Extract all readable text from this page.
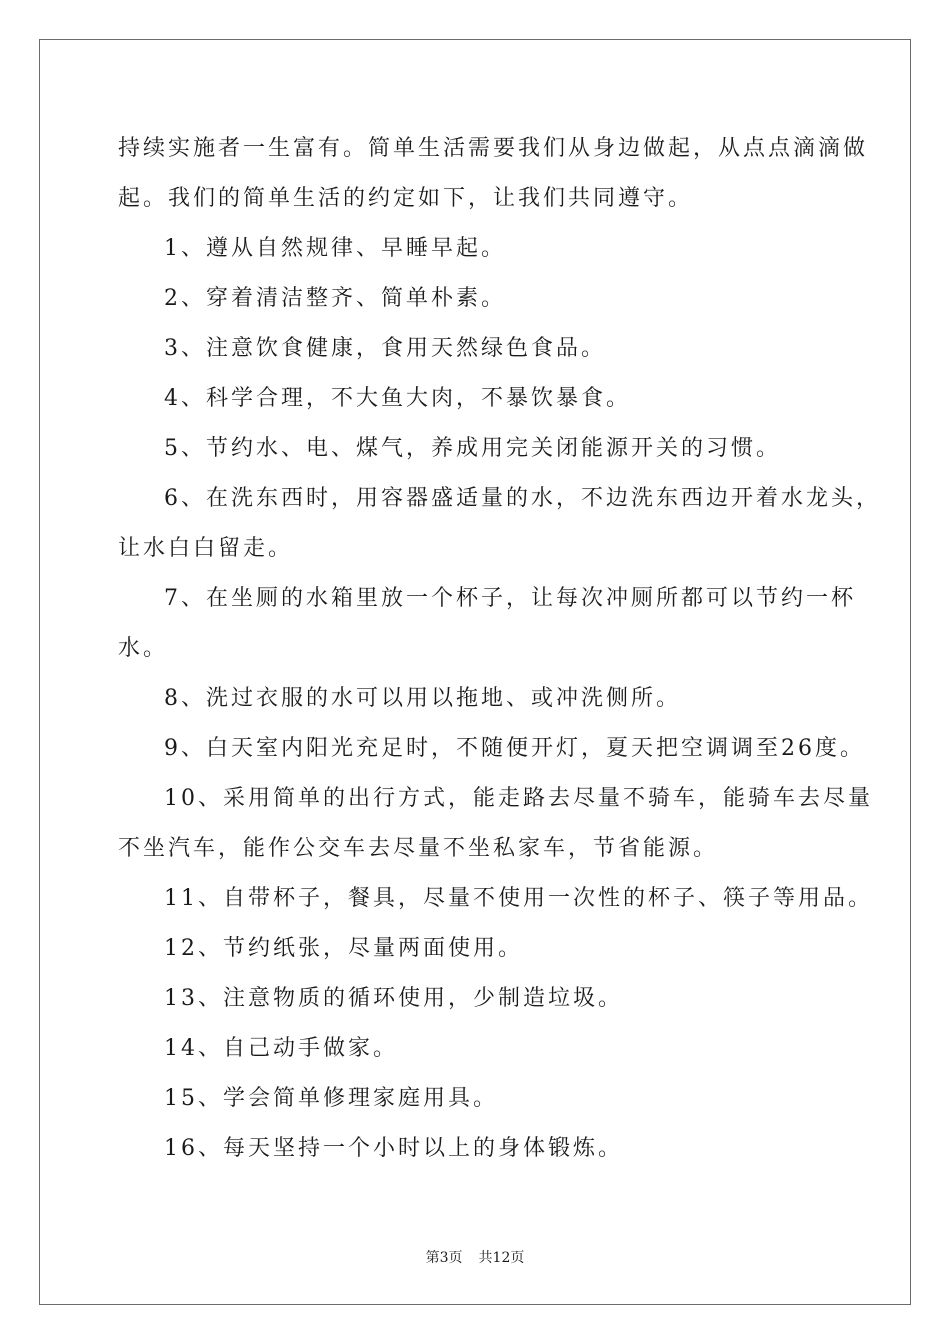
持续实施者一生富有。简单生活需要我们从身边做起，从点点滴滴做
起。我们的简单生活的约定如下，让我们共同遵守。
1、遵从自然规律、早睡早起。
2、穿着清洁整齐、简单朴素。
3、注意饮食健康，食用天然绿色食品。
4、科学合理，不大鱼大肉，不暴饮暴食。
5、节约水、电、煤气，养成用完关闭能源开关的习惯。
6、在洗东西时，用容器盛适量的水，不边洗东西边开着水龙头，
让水白白留走。
7、在坐厕的水箱里放一个杯子，让每次冲厕所都可以节约一杯
水。
8、洗过衣服的水可以用以拖地、或冲洗侧所。
9、白天室内阳光充足时，不随便开灯，夏天把空调调至26度。
10、采用简单的出行方式，能走路去尽量不骑车，能骑车去尽量
不坐汽车，能作公交车去尽量不坐私家车，节省能源。
11、自带杯子，餐具，尽量不使用一次性的杯子、筷子等用品。
12、节约纸张，尽量两面使用。
13、注意物质的循环使用，少制造垃圾。
14、自己动手做家。
15、学会简单修理家庭用具。
16、每天坚持一个小时以上的身体锻炼。
第3页 共12页
